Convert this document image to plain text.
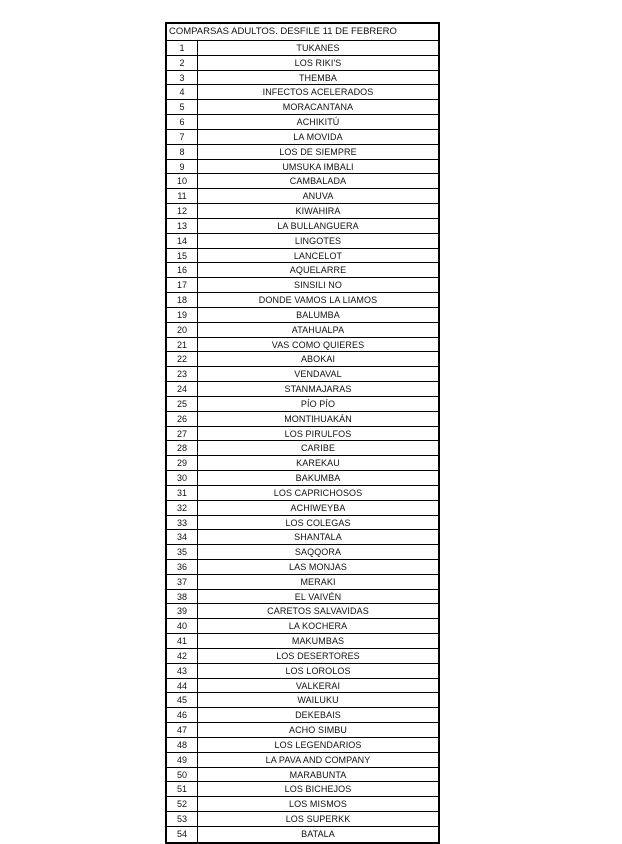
COMPARSAS ADULTOS. DESFILE 11 DE FEBRERO
1	TUKANES
2	LOS RIKI'S
3	THEMBA
4	INFECTOS ACELERADOS
5	MORACANTANA
6	ACHIKITÚ
7	LA MOVIDA
8	LOS DE SIEMPRE
9	UMSUKA IMBALI
10	CAMBALADA
11	ANUVA
12	KIWAHIRA
13	LA BULLANGUERA
14	LINGOTES
15	LANCELOT
16	AQUELARRE
17	SINSILI NO
18	DONDE VAMOS LA LIAMOS
19	BALUMBA
20	ATAHUALPA
21	VAS COMO QUIERES
22	ABOKAI
23	VENDAVAL
24	STANMAJARAS
25	PÍO PÍO
26	MONTIHUAKÁN
27	LOS PIRULFOS
28	CARIBE
29	KAREKAU
30	BAKUMBA
31	LOS CAPRICHOSOS
32	ACHIWEYBA
33	LOS COLEGAS
34	SHANTALA
35	SAQQORA
36	LAS MONJAS
37	MERAKI
38	EL VAIVÉN
39	CARETOS SALVAVIDAS
40	LA KOCHERA
41	MAKUMBAS
42	LOS DESERTORES
43	LOS LOROLOS
44	VALKERAI
45	WAILUKU
46	DEKEBAIS
47	ACHO SIMBU
48	LOS LEGENDARIOS
49	LA PAVA AND COMPANY
50	MARABUNTA
51	LOS BICHEJOS
52	LOS MISMOS
53	LOS SUPERKK
54	BATALA
